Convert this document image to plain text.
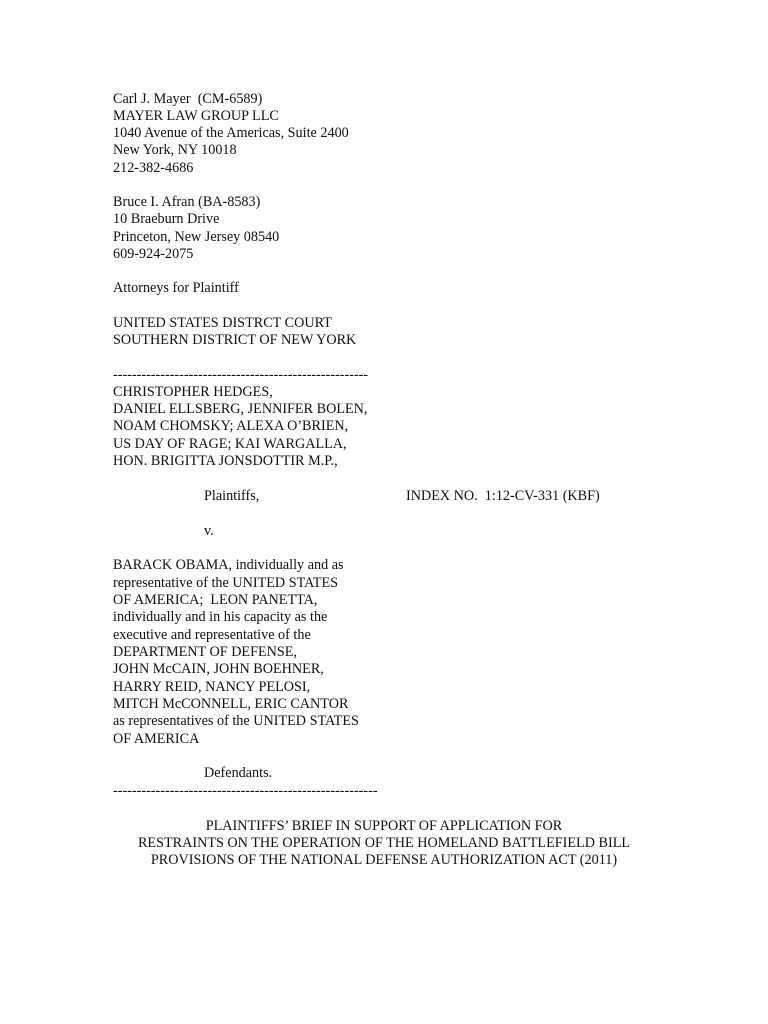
Carl J. Mayer  (CM-6589)
MAYER LAW GROUP LLC
1040 Avenue of the Americas, Suite 2400
New York, NY 10018
212-382-4686
Bruce I. Afran (BA-8583)
10 Braeburn Drive
Princeton, New Jersey 08540
609-924-2075
Attorneys for Plaintiff
UNITED STATES DISTRCT COURT
SOUTHERN DISTRICT OF NEW YORK
------------------------------------------------------
CHRISTOPHER HEDGES,
DANIEL ELLSBERG, JENNIFER BOLEN,
NOAM CHOMSKY; ALEXA O’BRIEN,
US DAY OF RAGE; KAI WARGALLA,
HON. BRIGITTA JONSDOTTIR M.P.,
Plaintiffs,	INDEX NO.  1:12-CV-331 (KBF)
v.
BARACK OBAMA, individually and as
representative of the UNITED STATES
OF AMERICA;  LEON PANETTA,
individually and in his capacity as the
executive and representative of the
DEPARTMENT OF DEFENSE,
JOHN McCAIN, JOHN BOEHNER,
HARRY REID, NANCY PELOSI,
MITCH McCONNELL, ERIC CANTOR
as representatives of the UNITED STATES
OF AMERICA
Defendants.
--------------------------------------------------------
PLAINTIFFS’ BRIEF IN SUPPORT OF APPLICATION FOR
RESTRAINTS ON THE OPERATION OF THE HOMELAND BATTLEFIELD BILL
PROVISIONS OF THE NATIONAL DEFENSE AUTHORIZATION ACT (2011)
